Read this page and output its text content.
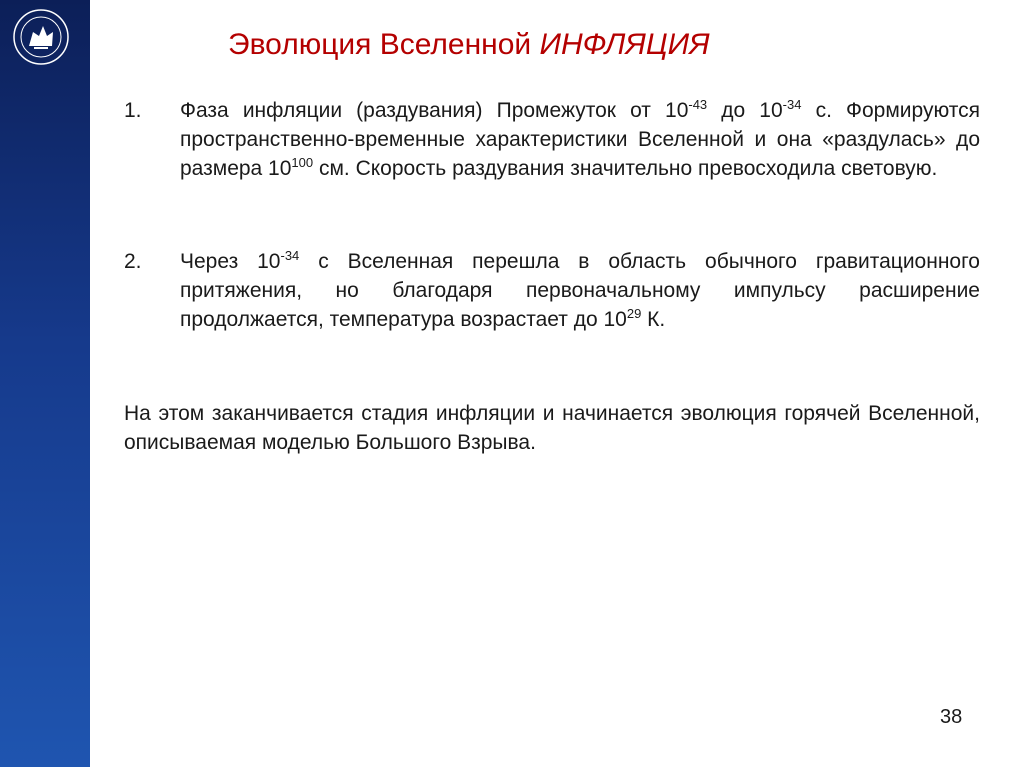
Эволюция Вселенной ИНФЛЯЦИЯ
1. Фаза инфляции (раздувания) Промежуток от $10^{-43}$ до $10^{-34}$ с. Формируются пространственно-временные характеристики Вселенной и она «раздулась» до размера $10^{100}$ см. Скорость раздувания значительно превосходила световую.
2. Через $10^{-34}$ с Вселенная перешла в область обычного гравитационного притяжения, но благодаря первоначальному импульсу расширение продолжается, температура возрастает до $10^{29}$ К.
На этом заканчивается стадия инфляции и начинается эволюция горячей Вселенной, описываемая моделью Большого Взрыва.
38
